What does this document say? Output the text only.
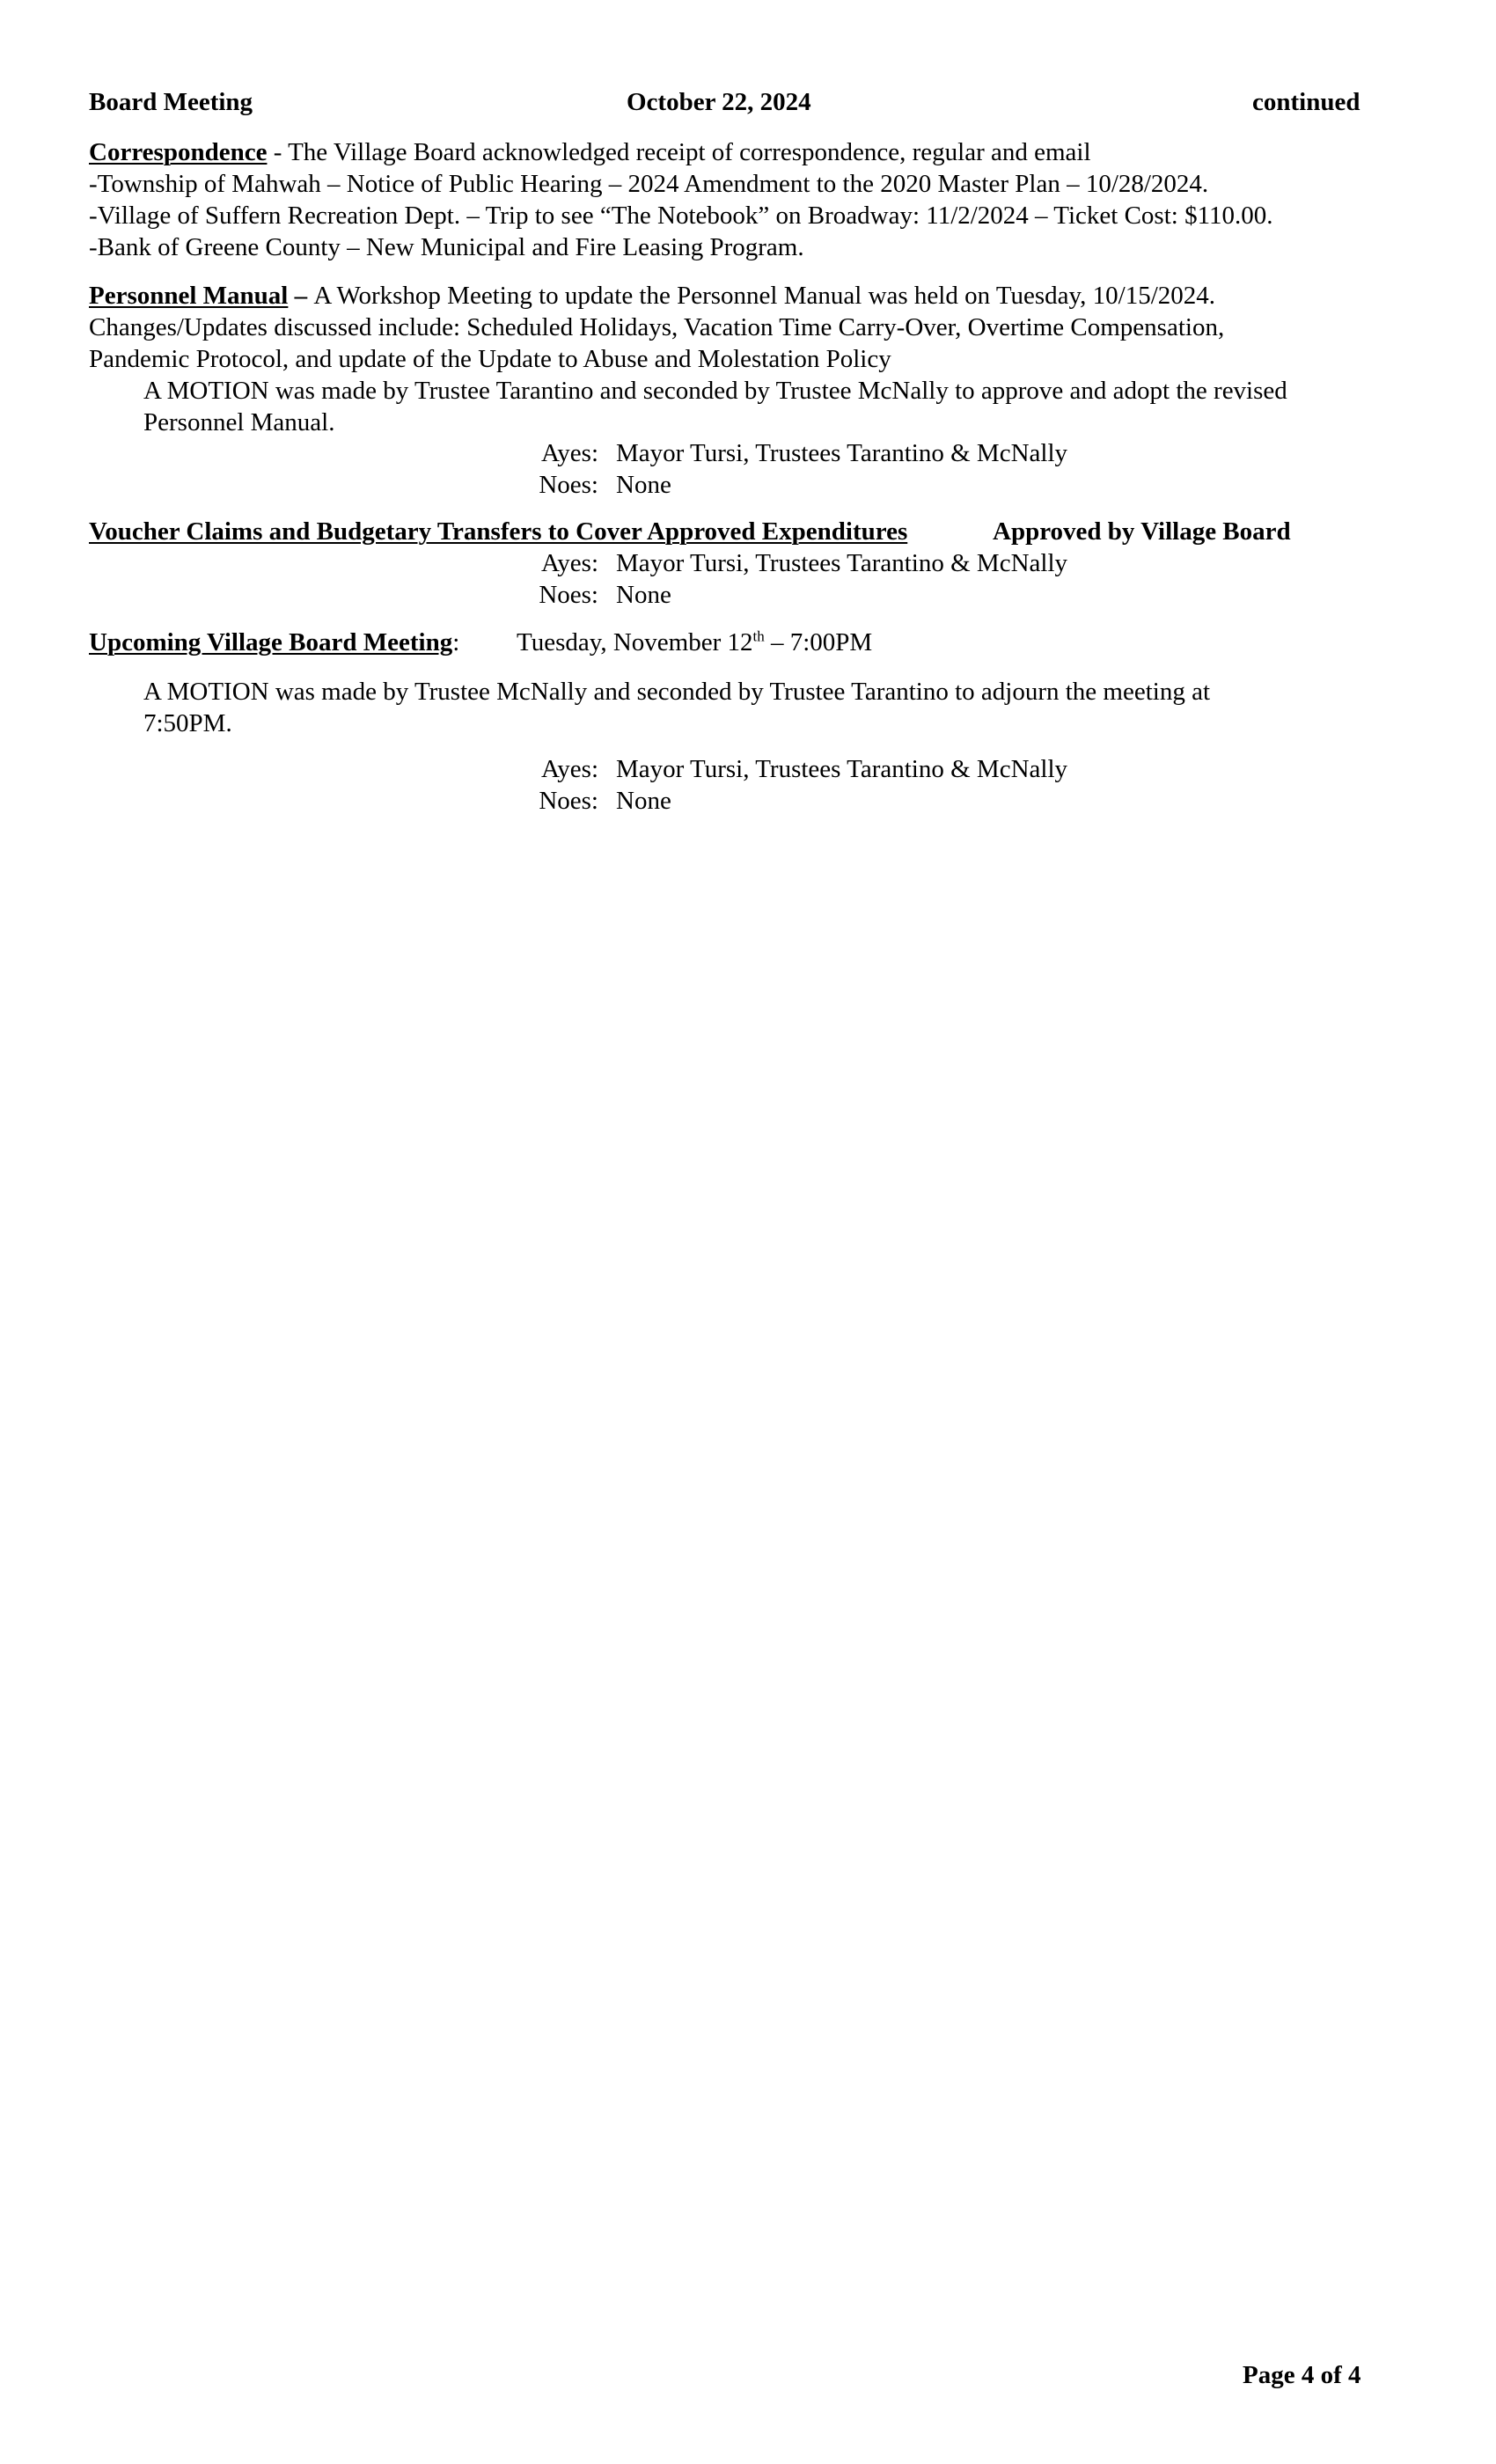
Board Meeting	October 22, 2024	continued
Correspondence - The Village Board acknowledged receipt of correspondence, regular and email
-Township of Mahwah – Notice of Public Hearing – 2024 Amendment to the 2020 Master Plan – 10/28/2024.
-Village of Suffern Recreation Dept. – Trip to see “The Notebook” on Broadway: 11/2/2024 – Ticket Cost: $110.00.
-Bank of Greene County – New Municipal and Fire Leasing Program.
Personnel Manual – A Workshop Meeting to update the Personnel Manual was held on Tuesday, 10/15/2024.
Changes/Updates discussed include: Scheduled Holidays, Vacation Time Carry-Over, Overtime Compensation,
Pandemic Protocol, and update of the Update to Abuse and Molestation Policy
A MOTION was made by Trustee Tarantino and seconded by Trustee McNally to approve and adopt the revised
Personnel Manual.
Ayes: Mayor Tursi, Trustees Tarantino & McNally
Noes: None
Voucher Claims and Budgetary Transfers to Cover Approved Expenditures	Approved by Village Board
Ayes: Mayor Tursi, Trustees Tarantino & McNally
Noes: None
Upcoming Village Board Meeting: Tuesday, November 12th – 7:00PM
A MOTION was made by Trustee McNally and seconded by Trustee Tarantino to adjourn the meeting at
7:50PM.
Ayes: Mayor Tursi, Trustees Tarantino & McNally
Noes: None
Page 4 of 4
